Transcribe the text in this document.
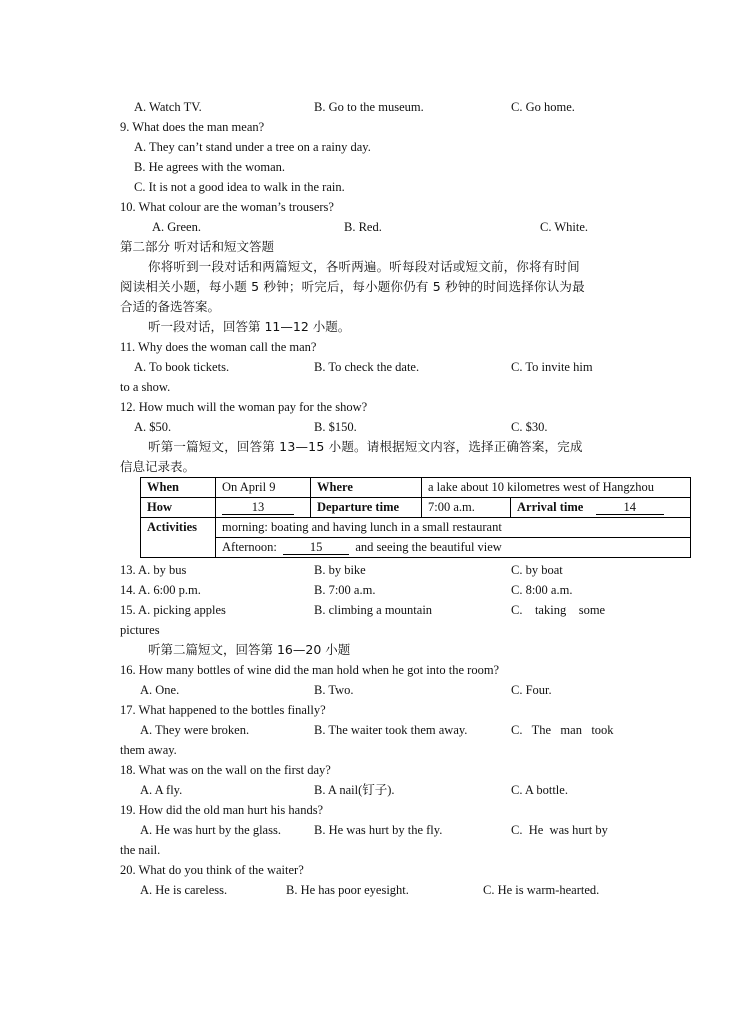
A. Watch TV.	B. Go to the museum.	C. Go home.
9. What does the man mean?
A. They can’t stand under a tree on a rainy day.
B. He agrees with the woman.
C. It is not a good idea to walk in the rain.
10. What colour are the woman’s trousers?
A. Green.	B. Red.	C. White.
第二部分 听对话和短文答题
你将听到一段对话和两篇短文，各听两遍。听每段对话或短文前，你将有时间
阅读相关小题，每小题 5 秒钟；听完后，每小题你仍有 5 秒钟的时间选择你认为最
合适的备选答案。
听一段对话，回答第 11—12 小题。
11. Why does the woman call the man?
A. To book tickets.	B. To check the date.	C. To invite him
to a show.
12. How much will the woman pay for the show?
A. $50.	B. $150.	C. $30.
听第一篇短文，回答第 13—15 小题。请根据短文内容，选择正确答案，完成
信息记录表。
When	On April 9	Where	a lake about 10 kilometres west of Hangzhou	
How	13	Departure time	7:00 a.m.	Arrival time 14
Activities	morning: boating and having lunch in a small restaurant			
	Afternoon: 15 and seeing the beautiful view			
13. A. by bus	B. by bike	C. by boat
14. A. 6:00 p.m.	B. 7:00 a.m.	C. 8:00 a.m.
15. A. picking apples	B. climbing a mountain	C.    taking    some
pictures
听第二篇短文，回答第 16—20 小题
16. How many bottles of wine did the man hold when he got into the room?
A. One.	B. Two.	C. Four.
17. What happened to the bottles finally?
A. They were broken.	B. The waiter took them away.	C.   The   man   took
them away.
18. What was on the wall on the first day?
A. A fly.	B. A nail(钉子).	C. A bottle.
19. How did the old man hurt his hands?
A. He was hurt by the glass.	B. He was hurt by the fly.	C.  He  was hurt by
the nail.
20. What do you think of the waiter?
A. He is careless.	B. He has poor eyesight.	C. He is warm-hearted.
